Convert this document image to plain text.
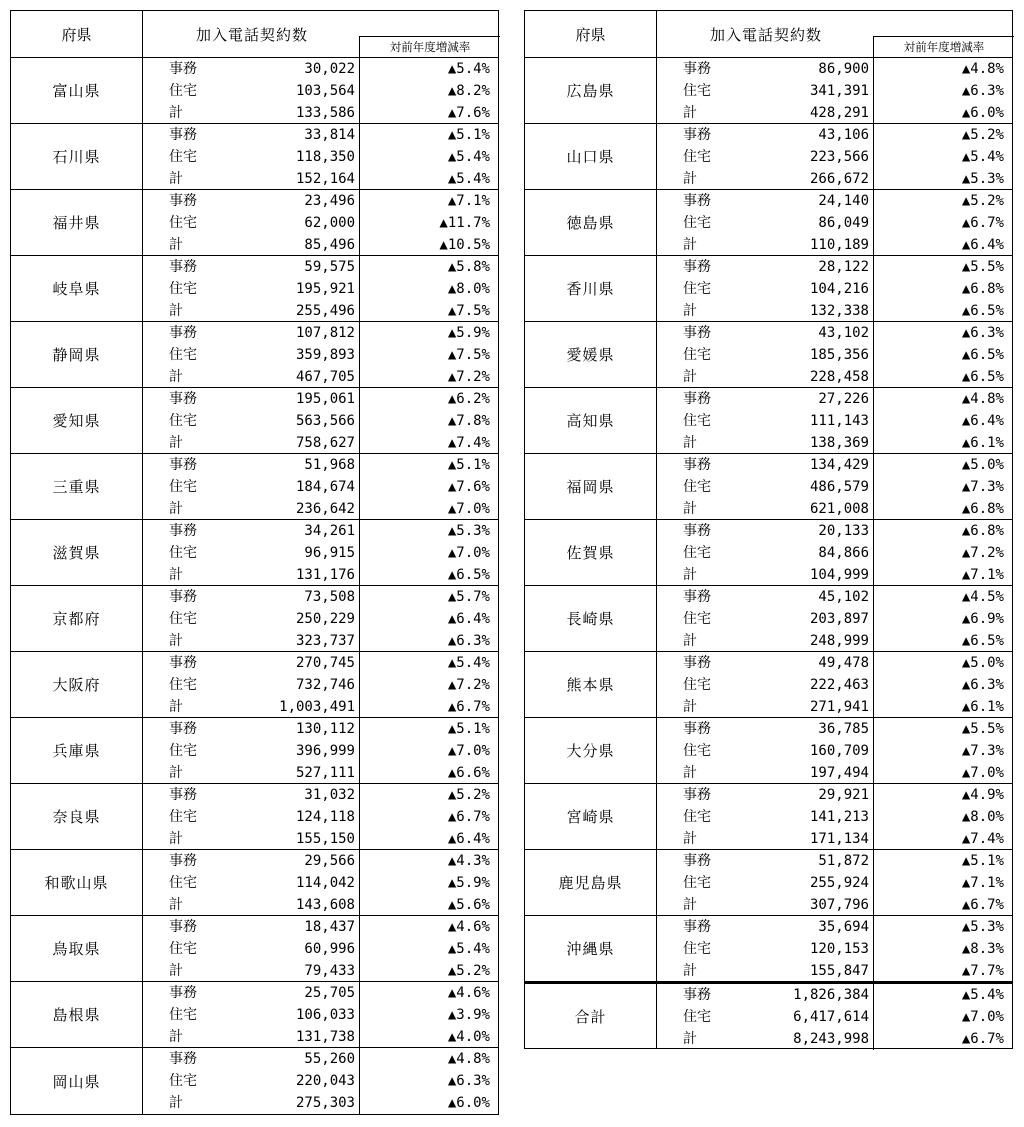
府県	加入電話契約数
対前年度増減率
富山県
事務	30,022	▲5.4%
住宅	103,564	▲8.2%
計	133,586	▲7.6%
石川県
事務	33,814	▲5.1%
住宅	118,350	▲5.4%
計	152,164	▲5.4%
福井県
事務	23,496	▲7.1%
住宅	62,000	▲11.7%
計	85,496	▲10.5%
岐阜県
事務	59,575	▲5.8%
住宅	195,921	▲8.0%
計	255,496	▲7.5%
静岡県
事務	107,812	▲5.9%
住宅	359,893	▲7.5%
計	467,705	▲7.2%
愛知県
事務	195,061	▲6.2%
住宅	563,566	▲7.8%
計	758,627	▲7.4%
三重県
事務	51,968	▲5.1%
住宅	184,674	▲7.6%
計	236,642	▲7.0%
滋賀県
事務	34,261	▲5.3%
住宅	96,915	▲7.0%
計	131,176	▲6.5%
京都府
事務	73,508	▲5.7%
住宅	250,229	▲6.4%
計	323,737	▲6.3%
大阪府
事務	270,745	▲5.4%
住宅	732,746	▲7.2%
計	1,003,491	▲6.7%
兵庫県
事務	130,112	▲5.1%
住宅	396,999	▲7.0%
計	527,111	▲6.6%
奈良県
事務	31,032	▲5.2%
住宅	124,118	▲6.7%
計	155,150	▲6.4%
和歌山県
事務	29,566	▲4.3%
住宅	114,042	▲5.9%
計	143,608	▲5.6%
鳥取県
事務	18,437	▲4.6%
住宅	60,996	▲5.4%
計	79,433	▲5.2%
島根県
事務	25,705	▲4.6%
住宅	106,033	▲3.9%
計	131,738	▲4.0%
岡山県
事務	55,260	▲4.8%
住宅	220,043	▲6.3%
計	275,303	▲6.0%
府県	加入電話契約数
対前年度増減率
広島県
事務	86,900	▲4.8%
住宅	341,391	▲6.3%
計	428,291	▲6.0%
山口県
事務	43,106	▲5.2%
住宅	223,566	▲5.4%
計	266,672	▲5.3%
徳島県
事務	24,140	▲5.2%
住宅	86,049	▲6.7%
計	110,189	▲6.4%
香川県
事務	28,122	▲5.5%
住宅	104,216	▲6.8%
計	132,338	▲6.5%
愛媛県
事務	43,102	▲6.3%
住宅	185,356	▲6.5%
計	228,458	▲6.5%
高知県
事務	27,226	▲4.8%
住宅	111,143	▲6.4%
計	138,369	▲6.1%
福岡県
事務	134,429	▲5.0%
住宅	486,579	▲7.3%
計	621,008	▲6.8%
佐賀県
事務	20,133	▲6.8%
住宅	84,866	▲7.2%
計	104,999	▲7.1%
長崎県
事務	45,102	▲4.5%
住宅	203,897	▲6.9%
計	248,999	▲6.5%
熊本県
事務	49,478	▲5.0%
住宅	222,463	▲6.3%
計	271,941	▲6.1%
大分県
事務	36,785	▲5.5%
住宅	160,709	▲7.3%
計	197,494	▲7.0%
宮崎県
事務	29,921	▲4.9%
住宅	141,213	▲8.0%
計	171,134	▲7.4%
鹿児島県
事務	51,872	▲5.1%
住宅	255,924	▲7.1%
計	307,796	▲6.7%
沖縄県
事務	35,694	▲5.3%
住宅	120,153	▲8.3%
計	155,847	▲7.7%
合計
事務	1,826,384	▲5.4%
住宅	6,417,614	▲7.0%
計	8,243,998	▲6.7%
